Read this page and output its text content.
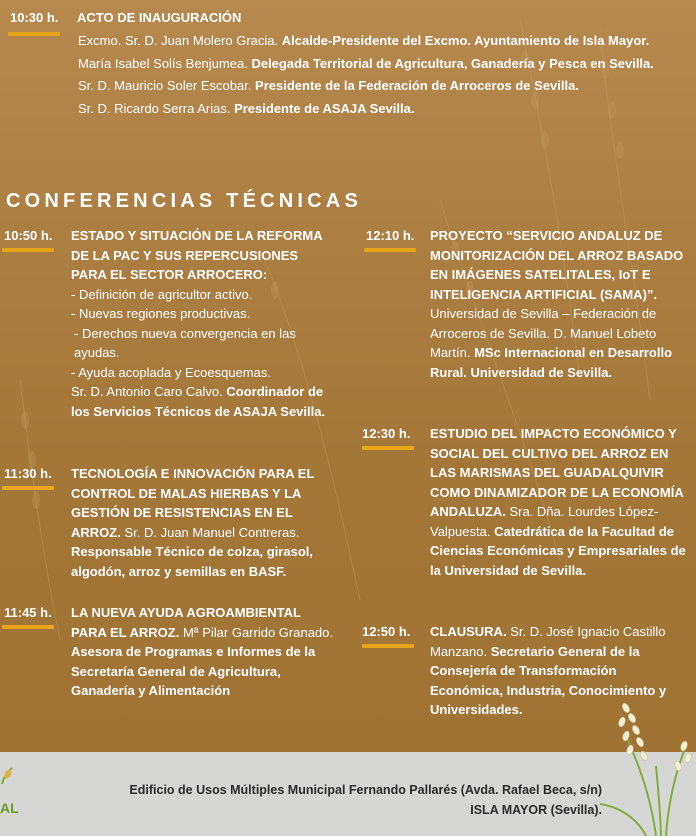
10:30 h. ACTO DE INAUGURACIÓN
Excmo. Sr. D. Juan Molero Gracia. Alcalde-Presidente del Excmo. Ayuntamiento de Isla Mayor.
María Isabel Solís Benjumea. Delegada Territorial de Agricultura, Ganadería y Pesca en Sevilla.
Sr. D. Mauricio Soler Escobar. Presidente de la Federación de Arroceros de Sevilla.
Sr. D. Ricardo Serra Arias. Presidente de ASAJA Sevilla.
CONFERENCIAS TÉCNICAS
10:50 h. ESTADO Y SITUACIÓN DE LA REFORMA DE LA PAC Y SUS REPERCUSIONES PARA EL SECTOR ARROCERO:
- Definición de agricultor activo.
- Nuevas regiones productivas.
- Derechos nueva convergencia en las ayudas.
- Ayuda acoplada y Ecoesquemas.
Sr. D. Antonio Caro Calvo. Coordinador de los Servicios Técnicos de ASAJA Sevilla.
11:30 h. TECNOLOGÍA E INNOVACIÓN PARA EL CONTROL DE MALAS HIERBAS Y LA GESTIÓN DE RESISTENCIAS EN EL ARROZ. Sr. D. Juan Manuel Contreras. Responsable Técnico de colza, girasol, algodón, arroz y semillas en BASF.
11:45 h. LA NUEVA AYUDA AGROAMBIENTAL PARA EL ARROZ. Mª Pilar Garrido Granado. Asesora de Programas e Informes de la Secretaría General de Agricultura, Ganadería y Alimentación
12:10 h. PROYECTO “SERVICIO ANDALUZ DE MONITORIZACIÓN DEL ARROZ BASADO EN IMÁGENES SATELITALES, IoT E INTELIGENCIA ARTIFICIAL (SAMA)”. Universidad de Sevilla – Federación de Arroceros de Sevilla. D. Manuel Lobeto Martín. MSc Internacional en Desarrollo Rural. Universidad de Sevilla.
12:30 h. ESTUDIO DEL IMPACTO ECONÓMICO Y SOCIAL DEL CULTIVO DEL ARROZ EN LAS MARISMAS DEL GUADALQUIVIR COMO DINAMIZADOR DE LA ECONOMÍA ANDALUZA. Sra. Dña. Lourdes López-Valpuesta. Catedrática de la Facultad de Ciencias Económicas y Empresariales de la Universidad de Sevilla.
12:50 h. CLAUSURA. Sr. D. José Ignacio Castillo Manzano. Secretario General de la Consejería de Transformación Económica, Industria, Conocimiento y Universidades.
Edificio de Usos Múltiples Municipal Fernando Pallarés (Avda. Rafael Beca, s/n)
ISLA MAYOR (Sevilla).
AL
